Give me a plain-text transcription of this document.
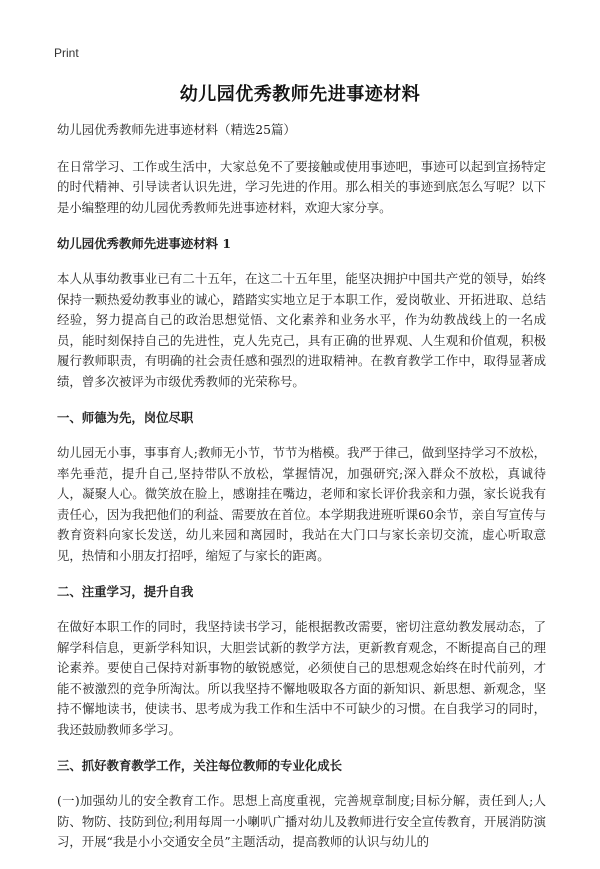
Print
幼儿园优秀教师先进事迹材料

幼儿园优秀教师先进事迹材料（精选25篇）

在日常学习、工作或生活中，大家总免不了要接触或使用事迹吧，事迹可以起到宣扬特定的时代精神、引导读者认识先进，学习先进的作用。那么相关的事迹到底怎么写呢？以下是小编整理的幼儿园优秀教师先进事迹材料，欢迎大家分享。

幼儿园优秀教师先进事迹材料 1

本人从事幼教事业已有二十五年，在这二十五年里，能坚决拥护中国共产党的领导，始终保持一颗热爱幼教事业的诚心，踏踏实实地立足于本职工作，爱岗敬业、开拓进取、总结经验，努力提高自己的政治思想觉悟、文化素养和业务水平，作为幼教战线上的一名成员，能时刻保持自己的先进性，克人先克己，具有正确的世界观、人生观和价值观，积极履行教师职责，有明确的社会责任感和强烈的进取精神。在教育教学工作中，取得显著成绩，曾多次被评为市级优秀教师的光荣称号。

一、师德为先，岗位尽职

幼儿园无小事，事事育人;教师无小节，节节为楷模。我严于律己，做到坚持学习不放松，率先垂范，提升自己,坚持带队不放松，掌握情况，加强研究;深入群众不放松，真诚待人，凝聚人心。微笑放在脸上，感谢挂在嘴边，老师和家长评价我亲和力强，家长说我有责任心，因为我把他们的利益、需要放在首位。本学期我进班听课60余节，亲自写宣传与教育资料向家长发送，幼儿来园和离园时，我站在大门口与家长亲切交流，虚心听取意见，热情和小朋友打招呼，缩短了与家长的距离。

二、注重学习，提升自我

在做好本职工作的同时，我坚持读书学习，能根据教改需要，密切注意幼教发展动态，了解学科信息，更新学科知识，大胆尝试新的教学方法，更新教育观念，不断提高自己的理论素养。要使自己保持对新事物的敏锐感觉，必须使自己的思想观念始终在时代前列，才能不被激烈的竞争所淘汰。所以我坚持不懈地吸取各方面的新知识、新思想、新观念，坚持不懈地读书，使读书、思考成为我工作和生活中不可缺少的习惯。在自我学习的同时，我还鼓励教师多学习。

三、抓好教育教学工作，关注每位教师的专业化成长

(一)加强幼儿的安全教育工作。思想上高度重视，完善规章制度;目标分解，责任到人;人防、物防、技防到位;利用每周一小喇叭广播对幼儿及教师进行安全宣传教育，开展消防演习，开展“我是小小交通安全员”主题活动，提高教师的认识与幼儿的
